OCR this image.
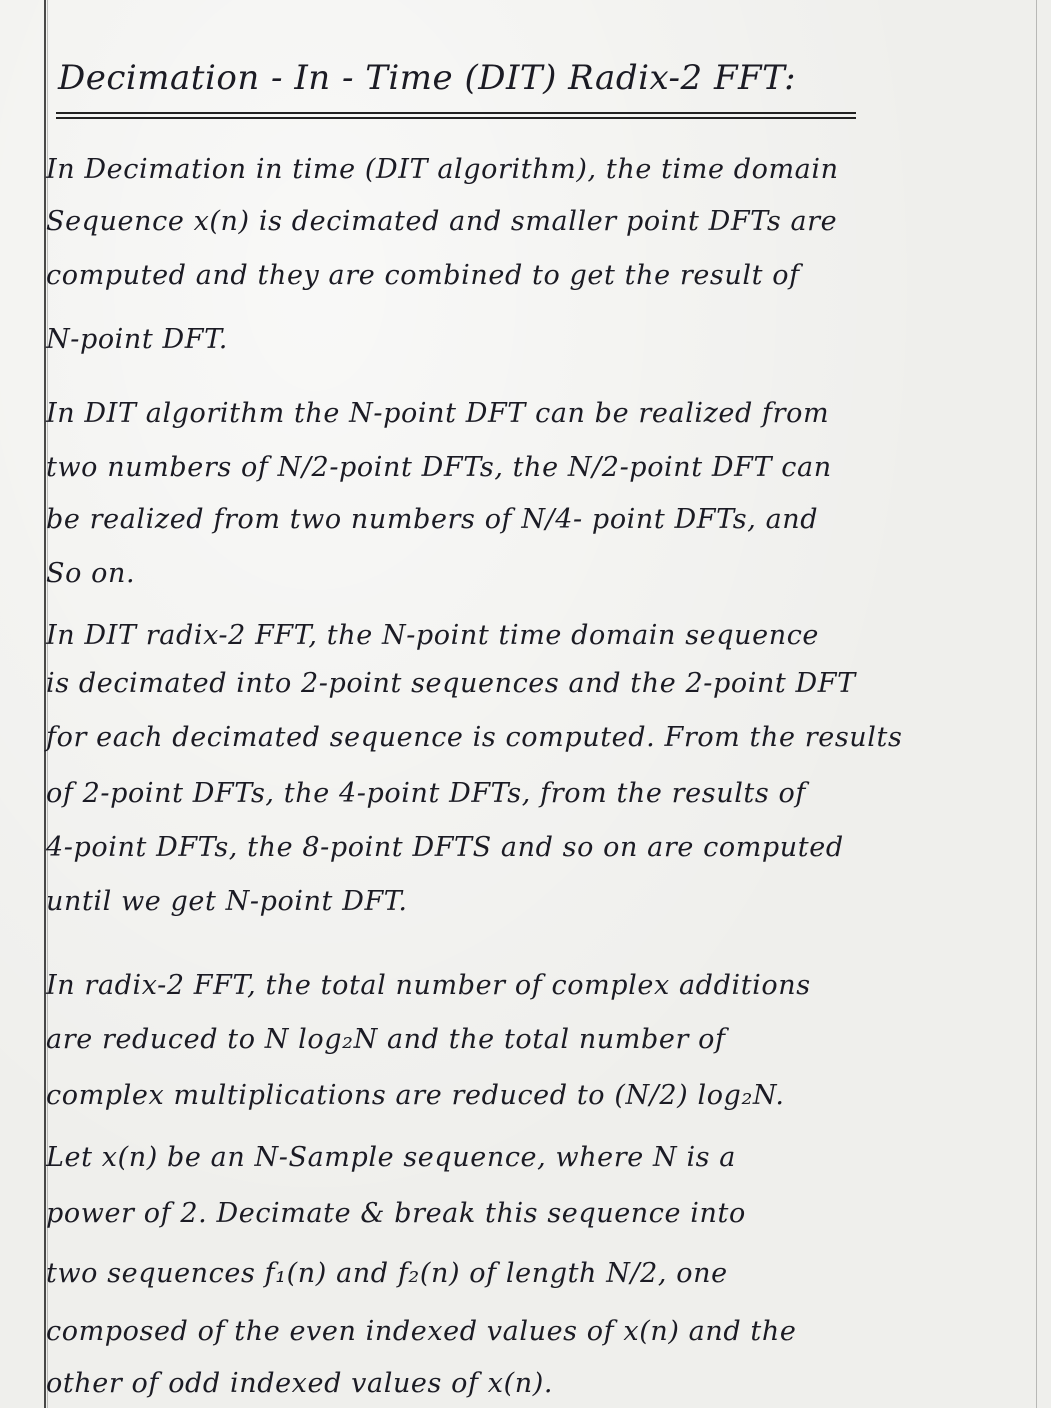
Decimation - In - Time (DIT) Radix-2 FFT:
In Decimation in time (DIT algorithm), the time domain
Sequence x(n) is decimated and smaller point DFTs are
computed and they are combined to get the result of
N-point DFT.
In DIT algorithm the N-point DFT can be realized from
two numbers of N/2-point DFTs, the N/2-point DFT can
be realized from two numbers of N/4- point DFTs, and
So on.
In DIT radix-2 FFT, the N-point time domain sequence
is decimated into 2-point sequences and the 2-point DFT
for each decimated sequence is computed. From the results
of 2-point DFTs, the 4-point DFTs, from the results of
4-point DFTs, the 8-point DFTS and so on are computed
until we get N-point DFT.
In radix-2 FFT, the total number of complex additions
are reduced to N log₂N and the total number of
complex multiplications are reduced to (N/2) log₂N.
Let x(n) be an N-Sample sequence, where N is a
power of 2. Decimate & break this sequence into
two sequences f₁(n) and f₂(n) of length N/2, one
composed of the even indexed values of x(n) and the
other of odd indexed values of x(n).
